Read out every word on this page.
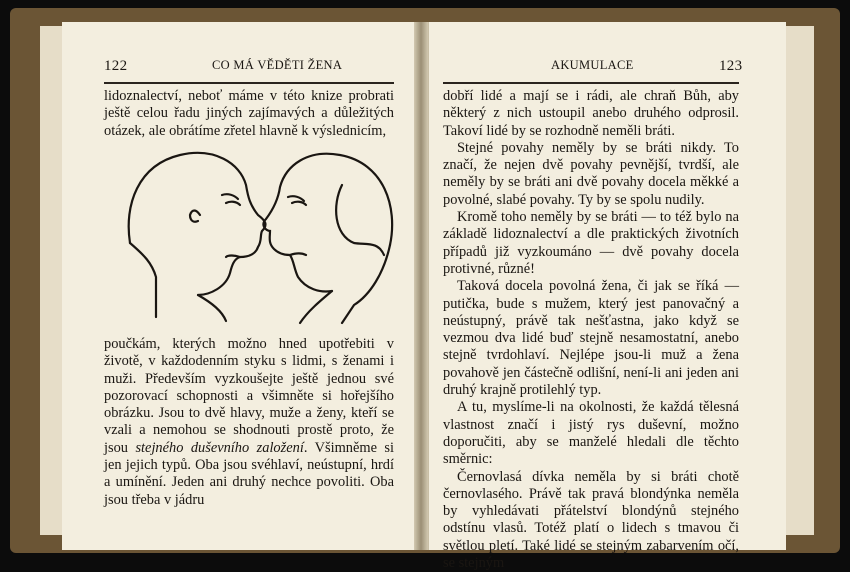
122	CO MÁ VĚDĚTI ŽENA

lidoznalectví, neboť máme v této knize probrati ještě celou řadu jiných zajímavých a důležitých otázek, ale obrátíme zřetel hlavně k výslednicím,

poučkám, kterých možno hned upotřebiti v životě, v každodenním styku s lidmi, s ženami i muži. Především vyzkoušejte ještě jednou své pozorovací schopnosti a všimněte si hořejšího obrázku. Jsou to dvě hlavy, muže a ženy, kteří se vzali a nemohou se shodnouti prostě proto, že jsou stejného duševního založení. Všimněme si jen jejich typů. Oba jsou svéhlaví, neústupní, hrdí a umínění. Jeden ani druhý nechce povoliti. Oba jsou třeba v jádru

AKUMULACE	123

dobří lidé a mají se i rádi, ale chraň Bůh, aby některý z nich ustoupil anebo druhého odprosil. Takoví lidé by se rozhodně neměli bráti.

Stejné povahy neměly by se bráti nikdy. To značí, že nejen dvě povahy pevnější, tvrdší, ale neměly by se bráti ani dvě povahy docela měkké a povolné, slabé povahy. Ty by se spolu nudily.

Kromě toho neměly by se bráti — to též bylo na základě lidoznalectví a dle praktických životních případů již vyzkoumáno — dvě povahy docela protivné, různé!

Taková docela povolná žena, či jak se říká — putička, bude s mužem, který jest panovačný a neústupný, právě tak nešťastna, jako když se vezmou dva lidé buď stejně nesamostatní, anebo stejně tvrdohlaví. Nejlépe jsou-li muž a žena povahově jen částečně odlišní, není-li ani jeden ani druhý krajně protilehlý typ.

A tu, myslíme-li na okolnosti, že každá tělesná vlastnost značí i jistý rys duševní, možno doporučiti, aby se manželé hledali dle těchto směrnic:

Černovlasá dívka neměla by si bráti chotě černovlasého. Právě tak pravá blondýnka neměla by vyhledávati přátelství blondýnů stejného odstínu vlasů. Totéž platí o lidech s tmavou či světlou pletí. Také lidé se stejným zabarvením očí, se stejným
